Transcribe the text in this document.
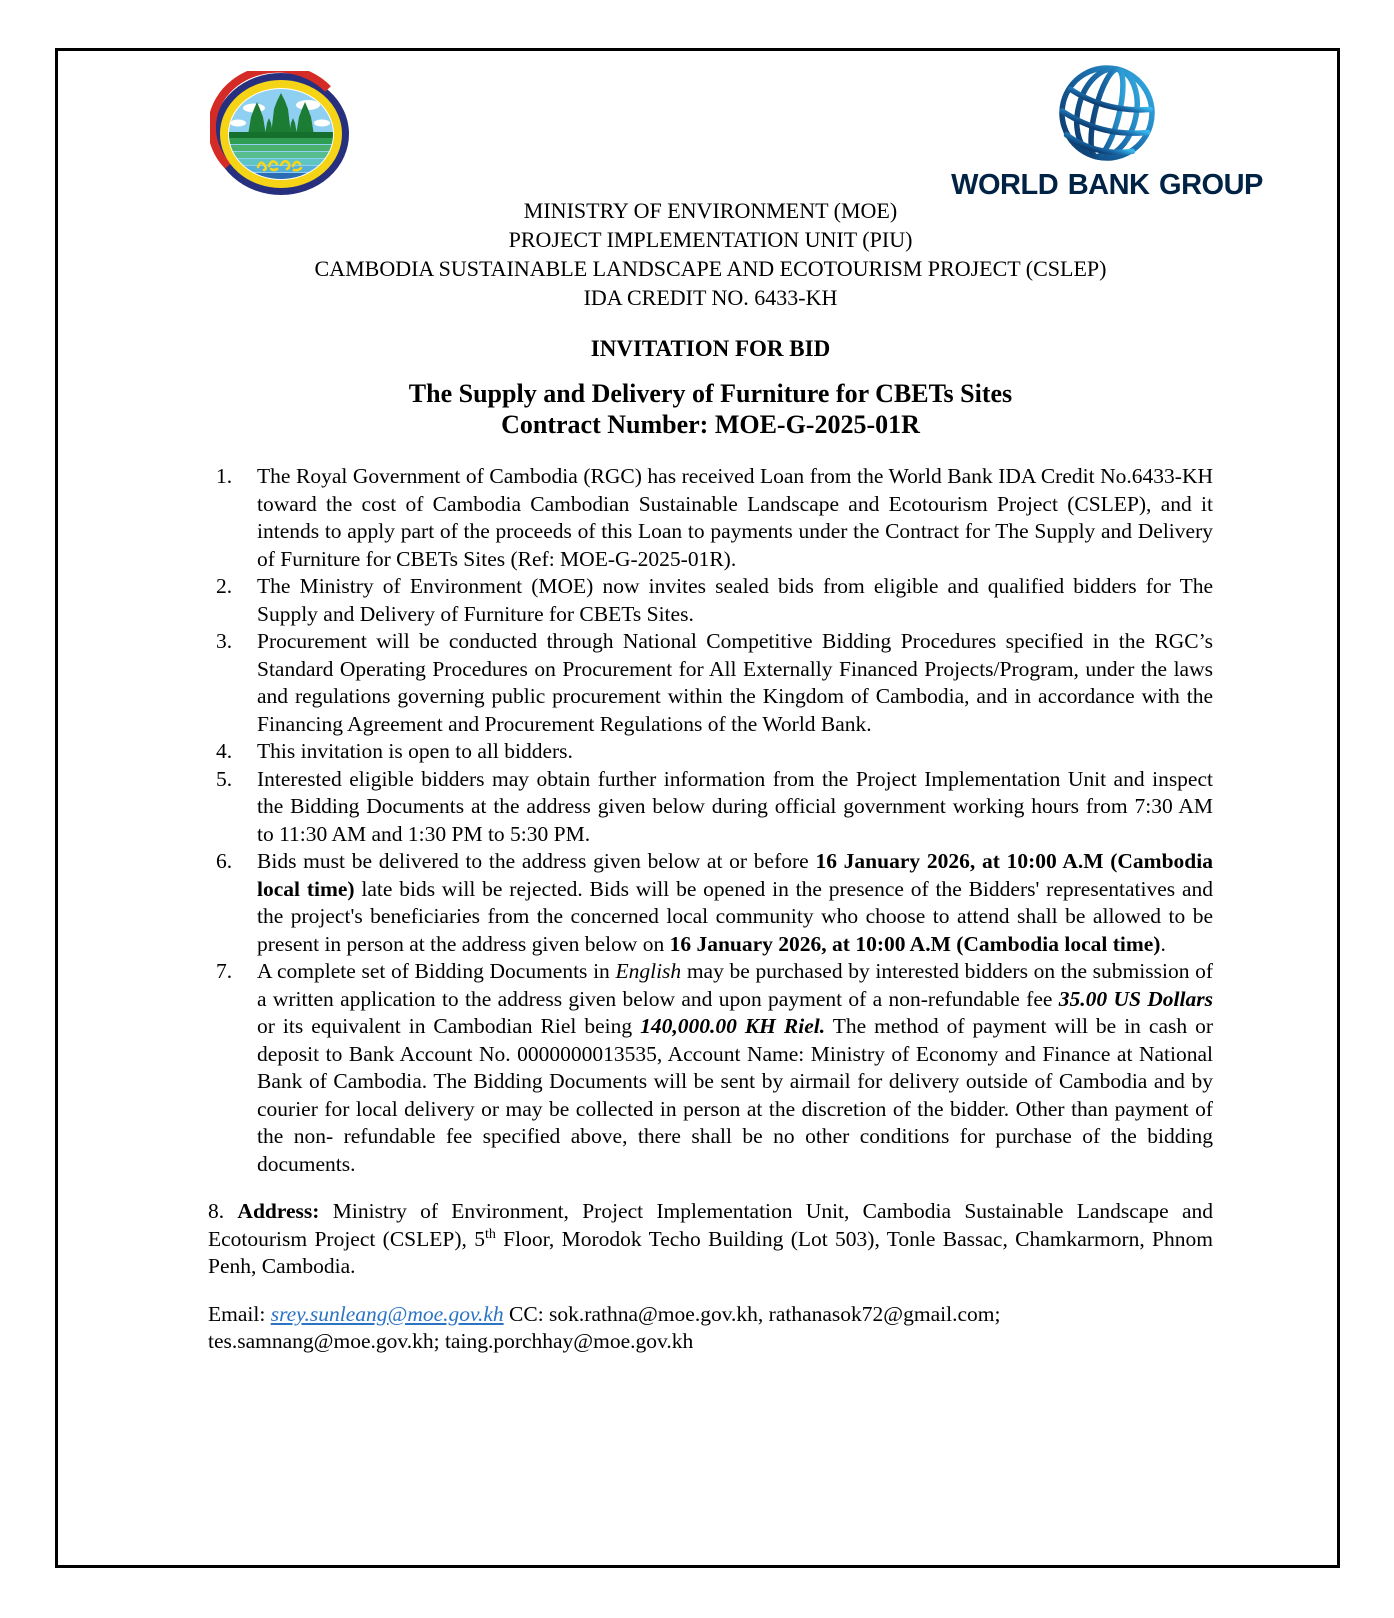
WORLD BANK GROUP
MINISTRY OF ENVIRONMENT (MOE)
PROJECT IMPLEMENTATION UNIT (PIU)
CAMBODIA SUSTAINABLE LANDSCAPE AND ECOTOURISM PROJECT (CSLEP)
IDA CREDIT NO. 6433-KH
INVITATION FOR BID
The Supply and Delivery of Furniture for CBETs Sites
Contract Number: MOE-G-2025-01R
1. The Royal Government of Cambodia (RGC) has received Loan from the World Bank IDA Credit No.6433-KH toward the cost of Cambodia Cambodian Sustainable Landscape and Ecotourism Project (CSLEP), and it intends to apply part of the proceeds of this Loan to payments under the Contract for The Supply and Delivery of Furniture for CBETs Sites (Ref: MOE-G-2025-01R).
2. The Ministry of Environment (MOE) now invites sealed bids from eligible and qualified bidders for The Supply and Delivery of Furniture for CBETs Sites.
3. Procurement will be conducted through National Competitive Bidding Procedures specified in the RGC’s Standard Operating Procedures on Procurement for All Externally Financed Projects/Program, under the laws and regulations governing public procurement within the Kingdom of Cambodia, and in accordance with the Financing Agreement and Procurement Regulations of the World Bank.
4. This invitation is open to all bidders.
5. Interested eligible bidders may obtain further information from the Project Implementation Unit and inspect the Bidding Documents at the address given below during official government working hours from 7:30 AM to 11:30 AM and 1:30 PM to 5:30 PM.
6. Bids must be delivered to the address given below at or before 16 January 2026, at 10:00 A.M (Cambodia local time) late bids will be rejected. Bids will be opened in the presence of the Bidders' representatives and the project's beneficiaries from the concerned local community who choose to attend shall be allowed to be present in person at the address given below on 16 January 2026, at 10:00 A.M (Cambodia local time).
7. A complete set of Bidding Documents in English may be purchased by interested bidders on the submission of a written application to the address given below and upon payment of a non-refundable fee 35.00 US Dollars or its equivalent in Cambodian Riel being 140,000.00 KH Riel. The method of payment will be in cash or deposit to Bank Account No. 0000000013535, Account Name: Ministry of Economy and Finance at National Bank of Cambodia. The Bidding Documents will be sent by airmail for delivery outside of Cambodia and by courier for local delivery or may be collected in person at the discretion of the bidder. Other than payment of the non- refundable fee specified above, there shall be no other conditions for purchase of the bidding documents.
8. Address: Ministry of Environment, Project Implementation Unit, Cambodia Sustainable Landscape and Ecotourism Project (CSLEP), 5th Floor, Morodok Techo Building (Lot 503), Tonle Bassac, Chamkarmorn, Phnom Penh, Cambodia.
Email: srey.sunleang@moe.gov.kh CC: sok.rathna@moe.gov.kh, rathanasok72@gmail.com; tes.samnang@moe.gov.kh; taing.porchhay@moe.gov.kh
